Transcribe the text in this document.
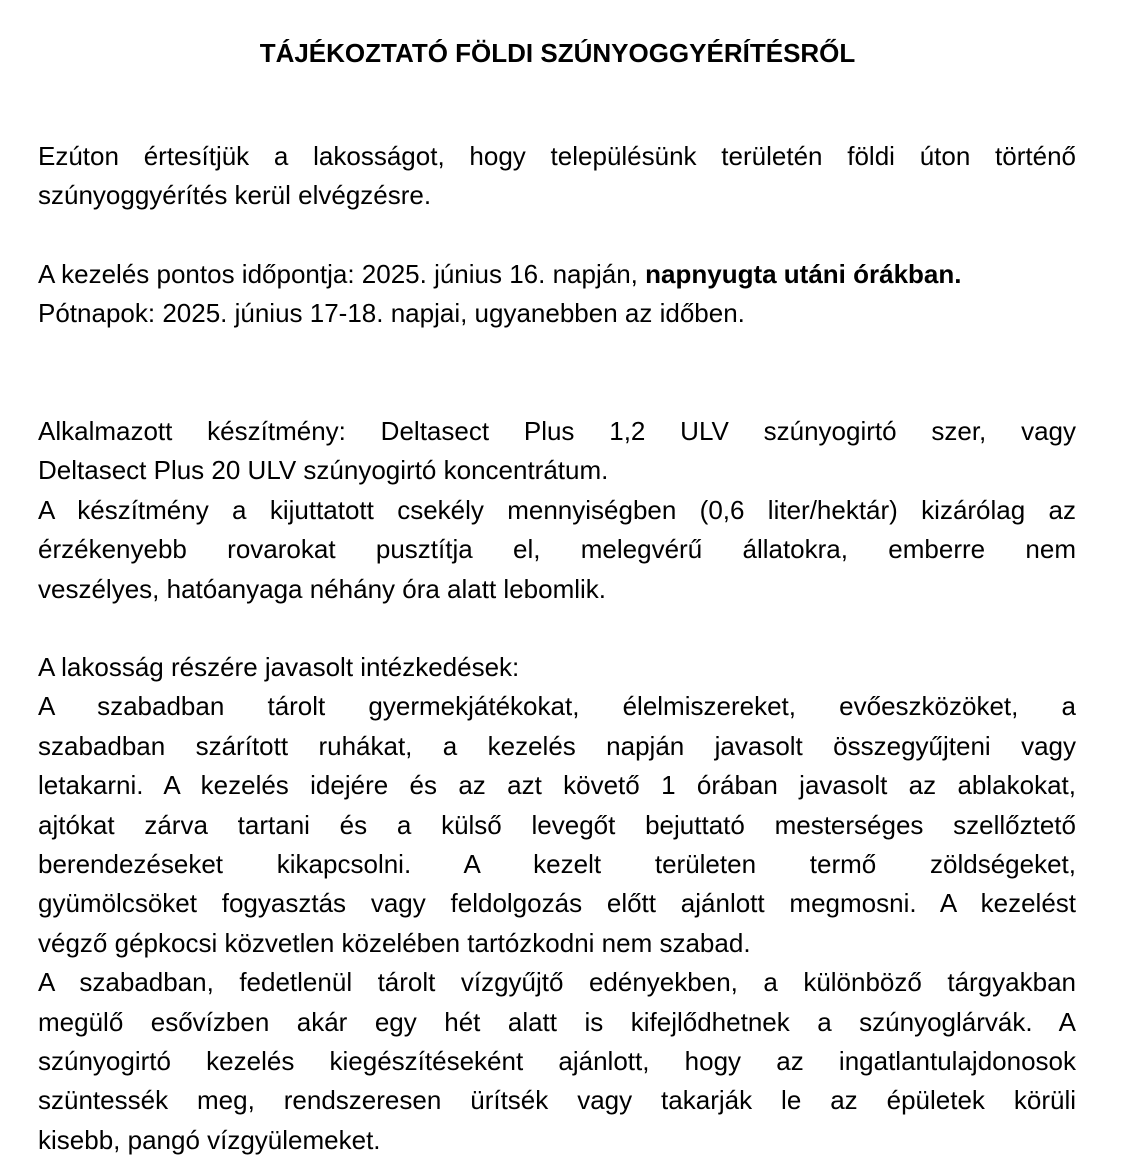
TÁJÉKOZTATÓ FÖLDI SZÚNYOGGYÉRÍTÉSRŐL
Ezúton értesítjük a lakosságot, hogy településünk területén földi úton történő
szúnyoggyérítés kerül elvégzésre.
A kezelés pontos időpontja: 2025. június 16. napján, napnyugta utáni órákban.
Pótnapok: 2025. június 17-18. napjai, ugyanebben az időben.
Alkalmazott készítmény: Deltasect Plus 1,2 ULV szúnyogirtó szer, vagy
Deltasect Plus 20 ULV szúnyogirtó koncentrátum.
A készítmény a kijuttatott csekély mennyiségben (0,6 liter/hektár) kizárólag az
érzékenyebb rovarokat pusztítja el, melegvérű állatokra, emberre nem
veszélyes, hatóanyaga néhány óra alatt lebomlik.
A lakosság részére javasolt intézkedések:
A szabadban tárolt gyermekjátékokat, élelmiszereket, evőeszközöket, a
szabadban szárított ruhákat, a kezelés napján javasolt összegyűjteni vagy
letakarni. A kezelés idejére és az azt követő 1 órában javasolt az ablakokat,
ajtókat zárva tartani és a külső levegőt bejuttató mesterséges szellőztető
berendezéseket kikapcsolni. A kezelt területen termő zöldségeket,
gyümölcsöket fogyasztás vagy feldolgozás előtt ajánlott megmosni. A kezelést
végző gépkocsi közvetlen közelében tartózkodni nem szabad.
A szabadban, fedetlenül tárolt vízgyűjtő edényekben, a különböző tárgyakban
megülő esővízben akár egy hét alatt is kifejlődhetnek a szúnyoglárvák. A
szúnyogirtó kezelés kiegészítéseként ajánlott, hogy az ingatlantulajdonosok
szüntessék meg, rendszeresen ürítsék vagy takarják le az épületek körüli
kisebb, pangó vízgyülemeket.
